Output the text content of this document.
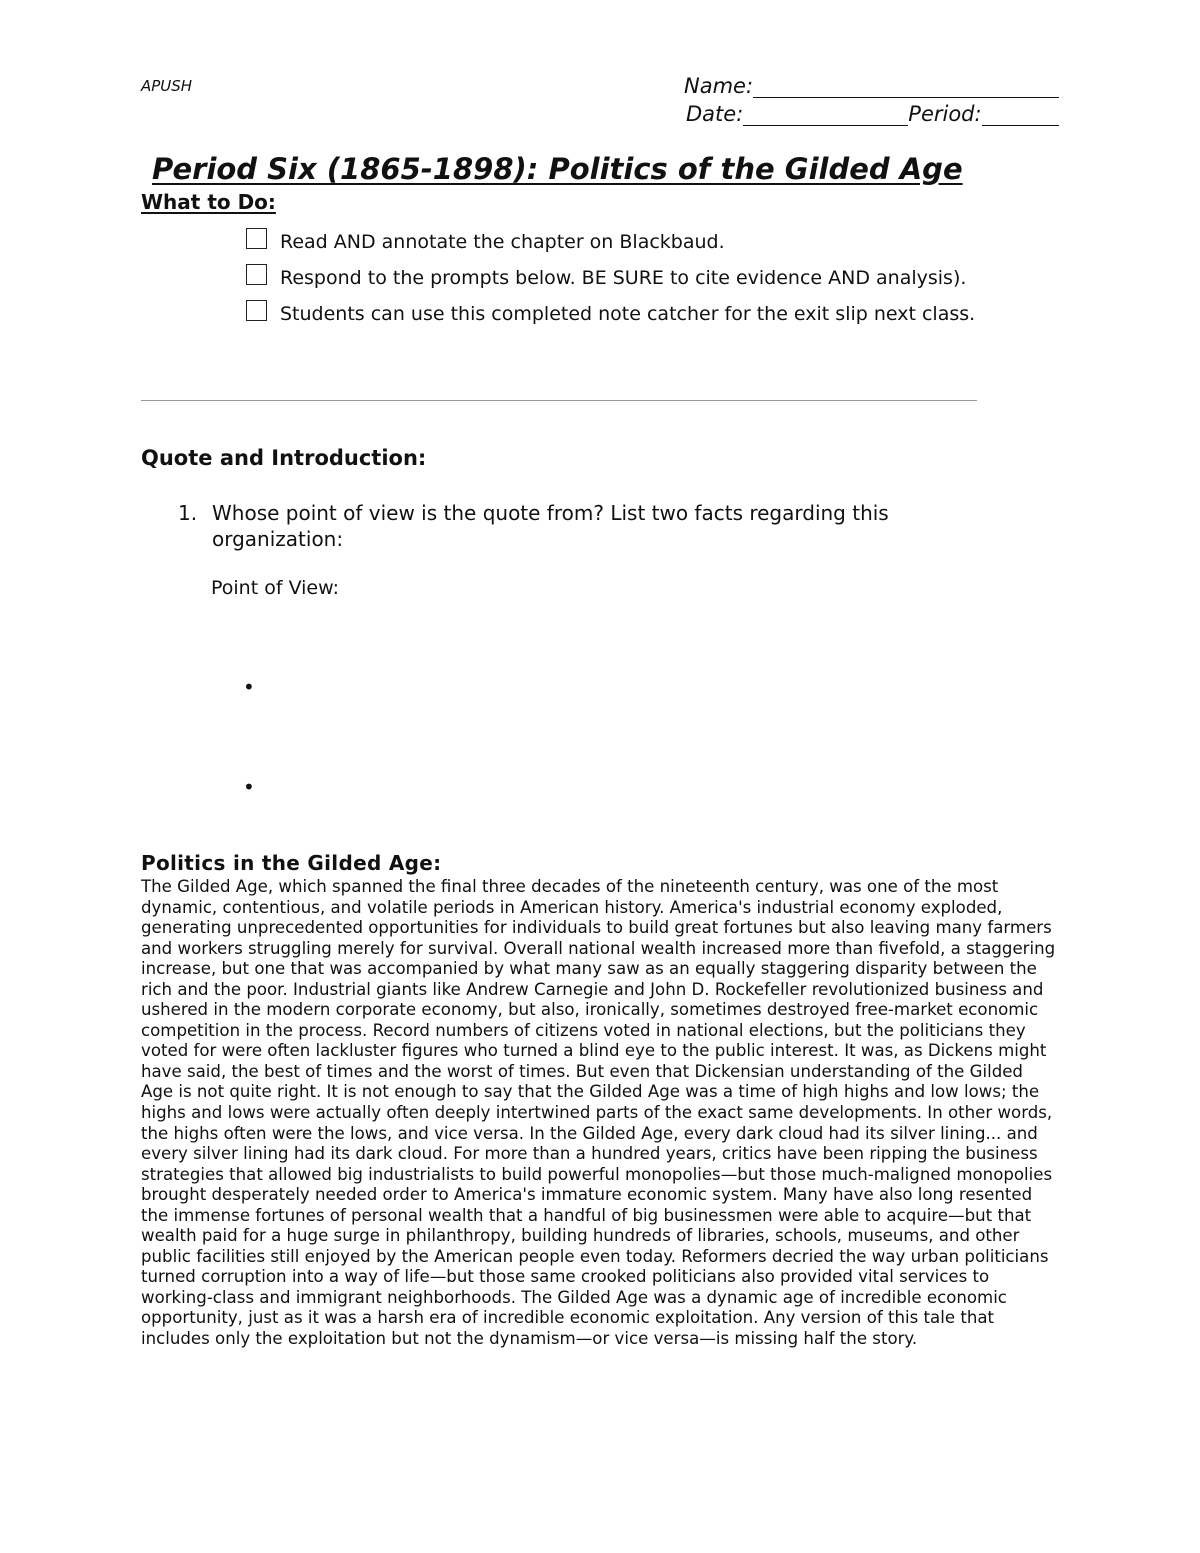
APUSH	Name:
Date:	Period:
Period Six (1865-1898): Politics of the Gilded Age
What to Do:
Read AND annotate the chapter on Blackbaud.
Respond to the prompts below. BE SURE to cite evidence AND analysis).
Students can use this completed note catcher for the exit slip next class.
Quote and Introduction:
1. Whose point of view is the quote from? List two facts regarding this
organization:
Point of View:
•
•
Politics in the Gilded Age:

The Gilded Age, which spanned the final three decades of the nineteenth century, was one of the most dynamic, contentious, and volatile periods in American history. America's industrial economy exploded, generating unprecedented opportunities for individuals to build great fortunes but also leaving many farmers and workers struggling merely for survival. Overall national wealth increased more than fivefold, a staggering increase, but one that was accompanied by what many saw as an equally staggering disparity between the rich and the poor. Industrial giants like Andrew Carnegie and John D. Rockefeller revolutionized business and ushered in the modern corporate economy, but also, ironically, sometimes destroyed free-market economic competition in the process. Record numbers of citizens voted in national elections, but the politicians they voted for were often lackluster figures who turned a blind eye to the public interest. It was, as Dickens might have said, the best of times and the worst of times. But even that Dickensian understanding of the Gilded Age is not quite right. It is not enough to say that the Gilded Age was a time of high highs and low lows; the highs and lows were actually often deeply intertwined parts of the exact same developments. In other words, the highs often were the lows, and vice versa. In the Gilded Age, every dark cloud had its silver lining... and every silver lining had its dark cloud. For more than a hundred years, critics have been ripping the business strategies that allowed big industrialists to build powerful monopolies—but those much-maligned monopolies brought desperately needed order to America's immature economic system. Many have also long resented the immense fortunes of personal wealth that a handful of big businessmen were able to acquire—but that wealth paid for a huge surge in philanthropy, building hundreds of libraries, schools, museums, and other public facilities still enjoyed by the American people even today. Reformers decried the way urban politicians turned corruption into a way of life—but those same crooked politicians also provided vital services to working-class and immigrant neighborhoods. The Gilded Age was a dynamic age of incredible economic opportunity, just as it was a harsh era of incredible economic exploitation. Any version of this tale that includes only the exploitation but not the dynamism—or vice versa—is missing half the story.
